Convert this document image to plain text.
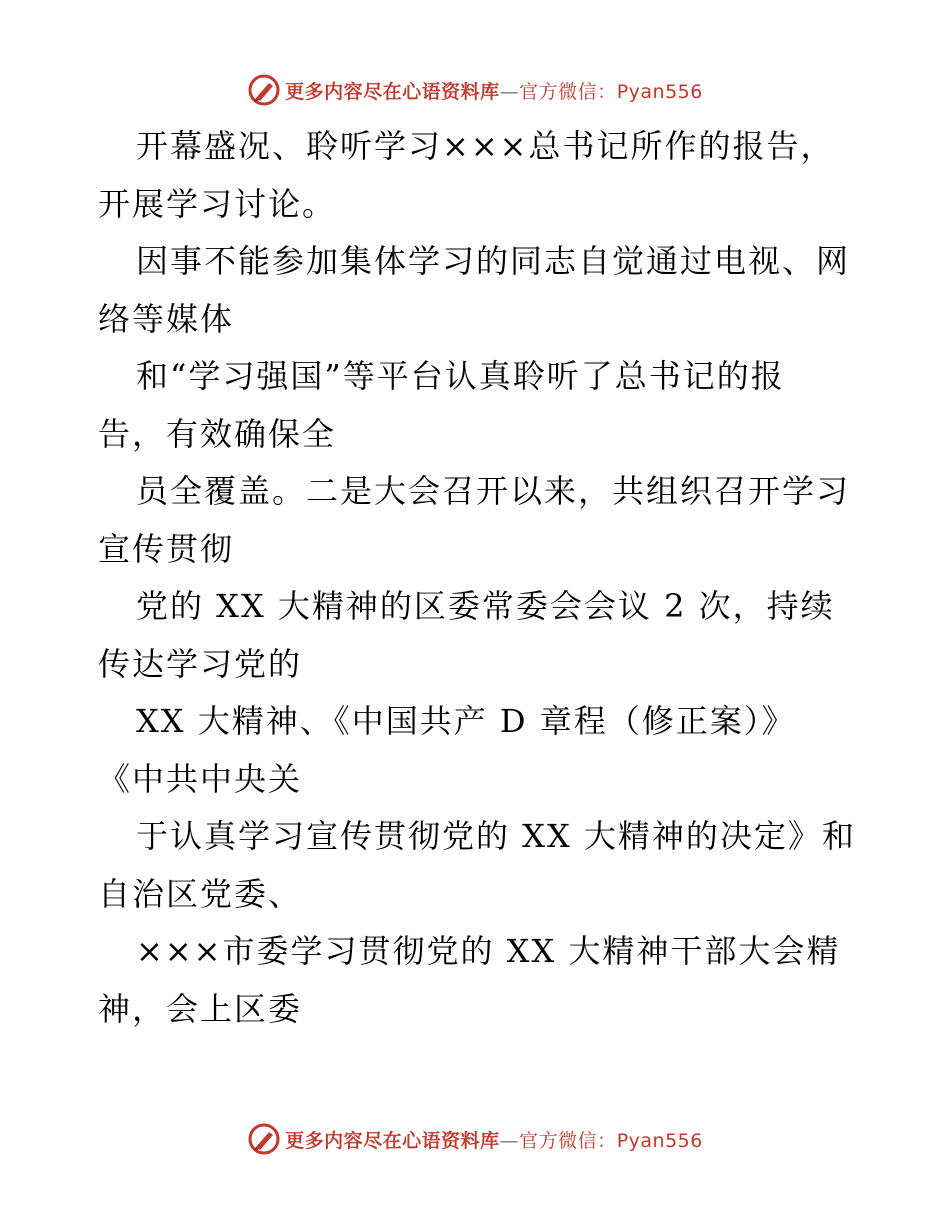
更多内容尽在心语资料库—官方微信：Pyan556
开幕盛况、聆听学习×××总书记所作的报告，
开展学习讨论。
因事不能参加集体学习的同志自觉通过电视、网
络等媒体
和“学习强国”等平台认真聆听了总书记的报
告，有效确保全
员全覆盖。二是大会召开以来，共组织召开学习
宣传贯彻
党的 XX 大精神的区委常委会会议 2 次，持续
传达学习党的
XX 大精神、《中国共产 D 章程（修正案）》
《中共中央关
于认真学习宣传贯彻党的 XX 大精神的决定》和
自治区党委、
×××市委学习贯彻党的 XX 大精神干部大会精
神，会上区委
更多内容尽在心语资料库—官方微信：Pyan556
